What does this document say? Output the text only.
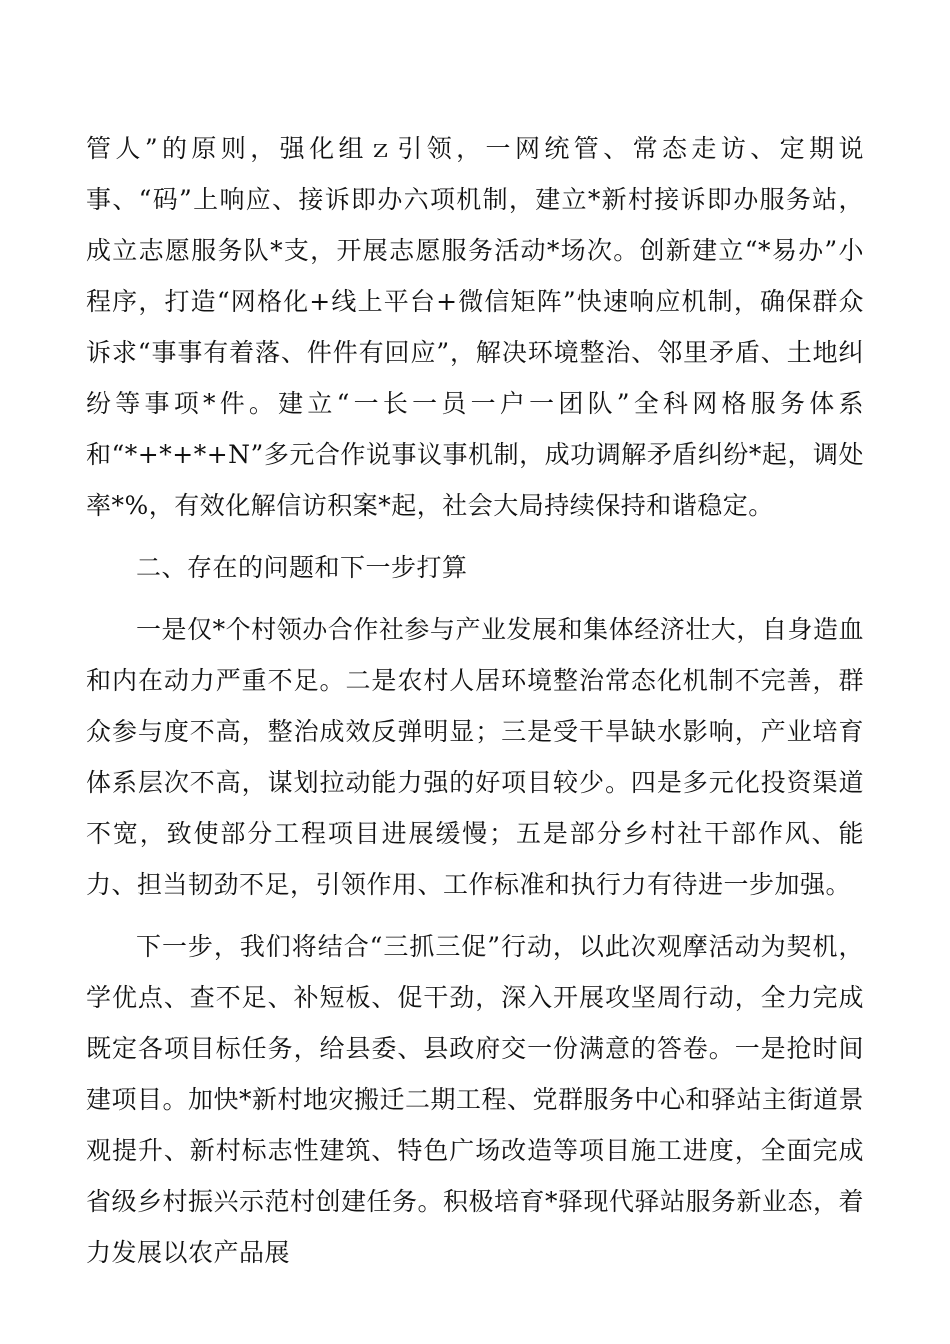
管人”的原则，强化组ｚ引领，一网统管、常态走访、定期说事、“码”上响应、接诉即办六项机制，建立*新村接诉即办服务站，成立志愿服务队*支，开展志愿服务活动*场次。创新建立“*易办”小程序，打造“网格化+线上平台+微信矩阵”快速响应机制，确保群众诉求“事事有着落、件件有回应”，解决环境整治、邻里矛盾、土地纠纷等事项*件。建立“一长一员一户一团队”全科网格服务体系和“*+*+*+N”多元合作说事议事机制，成功调解矛盾纠纷*起，调处率*%，有效化解信访积案*起，社会大局持续保持和谐稳定。

二、存在的问题和下一步打算

一是仅*个村领办合作社参与产业发展和集体经济壮大，自身造血和内在动力严重不足。二是农村人居环境整治常态化机制不完善，群众参与度不高，整治成效反弹明显；三是受干旱缺水影响，产业培育体系层次不高，谋划拉动能力强的好项目较少。四是多元化投资渠道不宽，致使部分工程项目进展缓慢；五是部分乡村社干部作风、能力、担当韧劲不足，引领作用、工作标准和执行力有待进一步加强。

下一步，我们将结合“三抓三促”行动，以此次观摩活动为契机，学优点、查不足、补短板、促干劲，深入开展攻坚周行动，全力完成既定各项目标任务，给县委、县政府交一份满意的答卷。一是抢时间建项目。加快*新村地灾搬迁二期工程、党群服务中心和驿站主街道景观提升、新村标志性建筑、特色广场改造等项目施工进度，全面完成省级乡村振兴示范村创建任务。积极培育*驿现代驿站服务新业态，着力发展以农产品展
